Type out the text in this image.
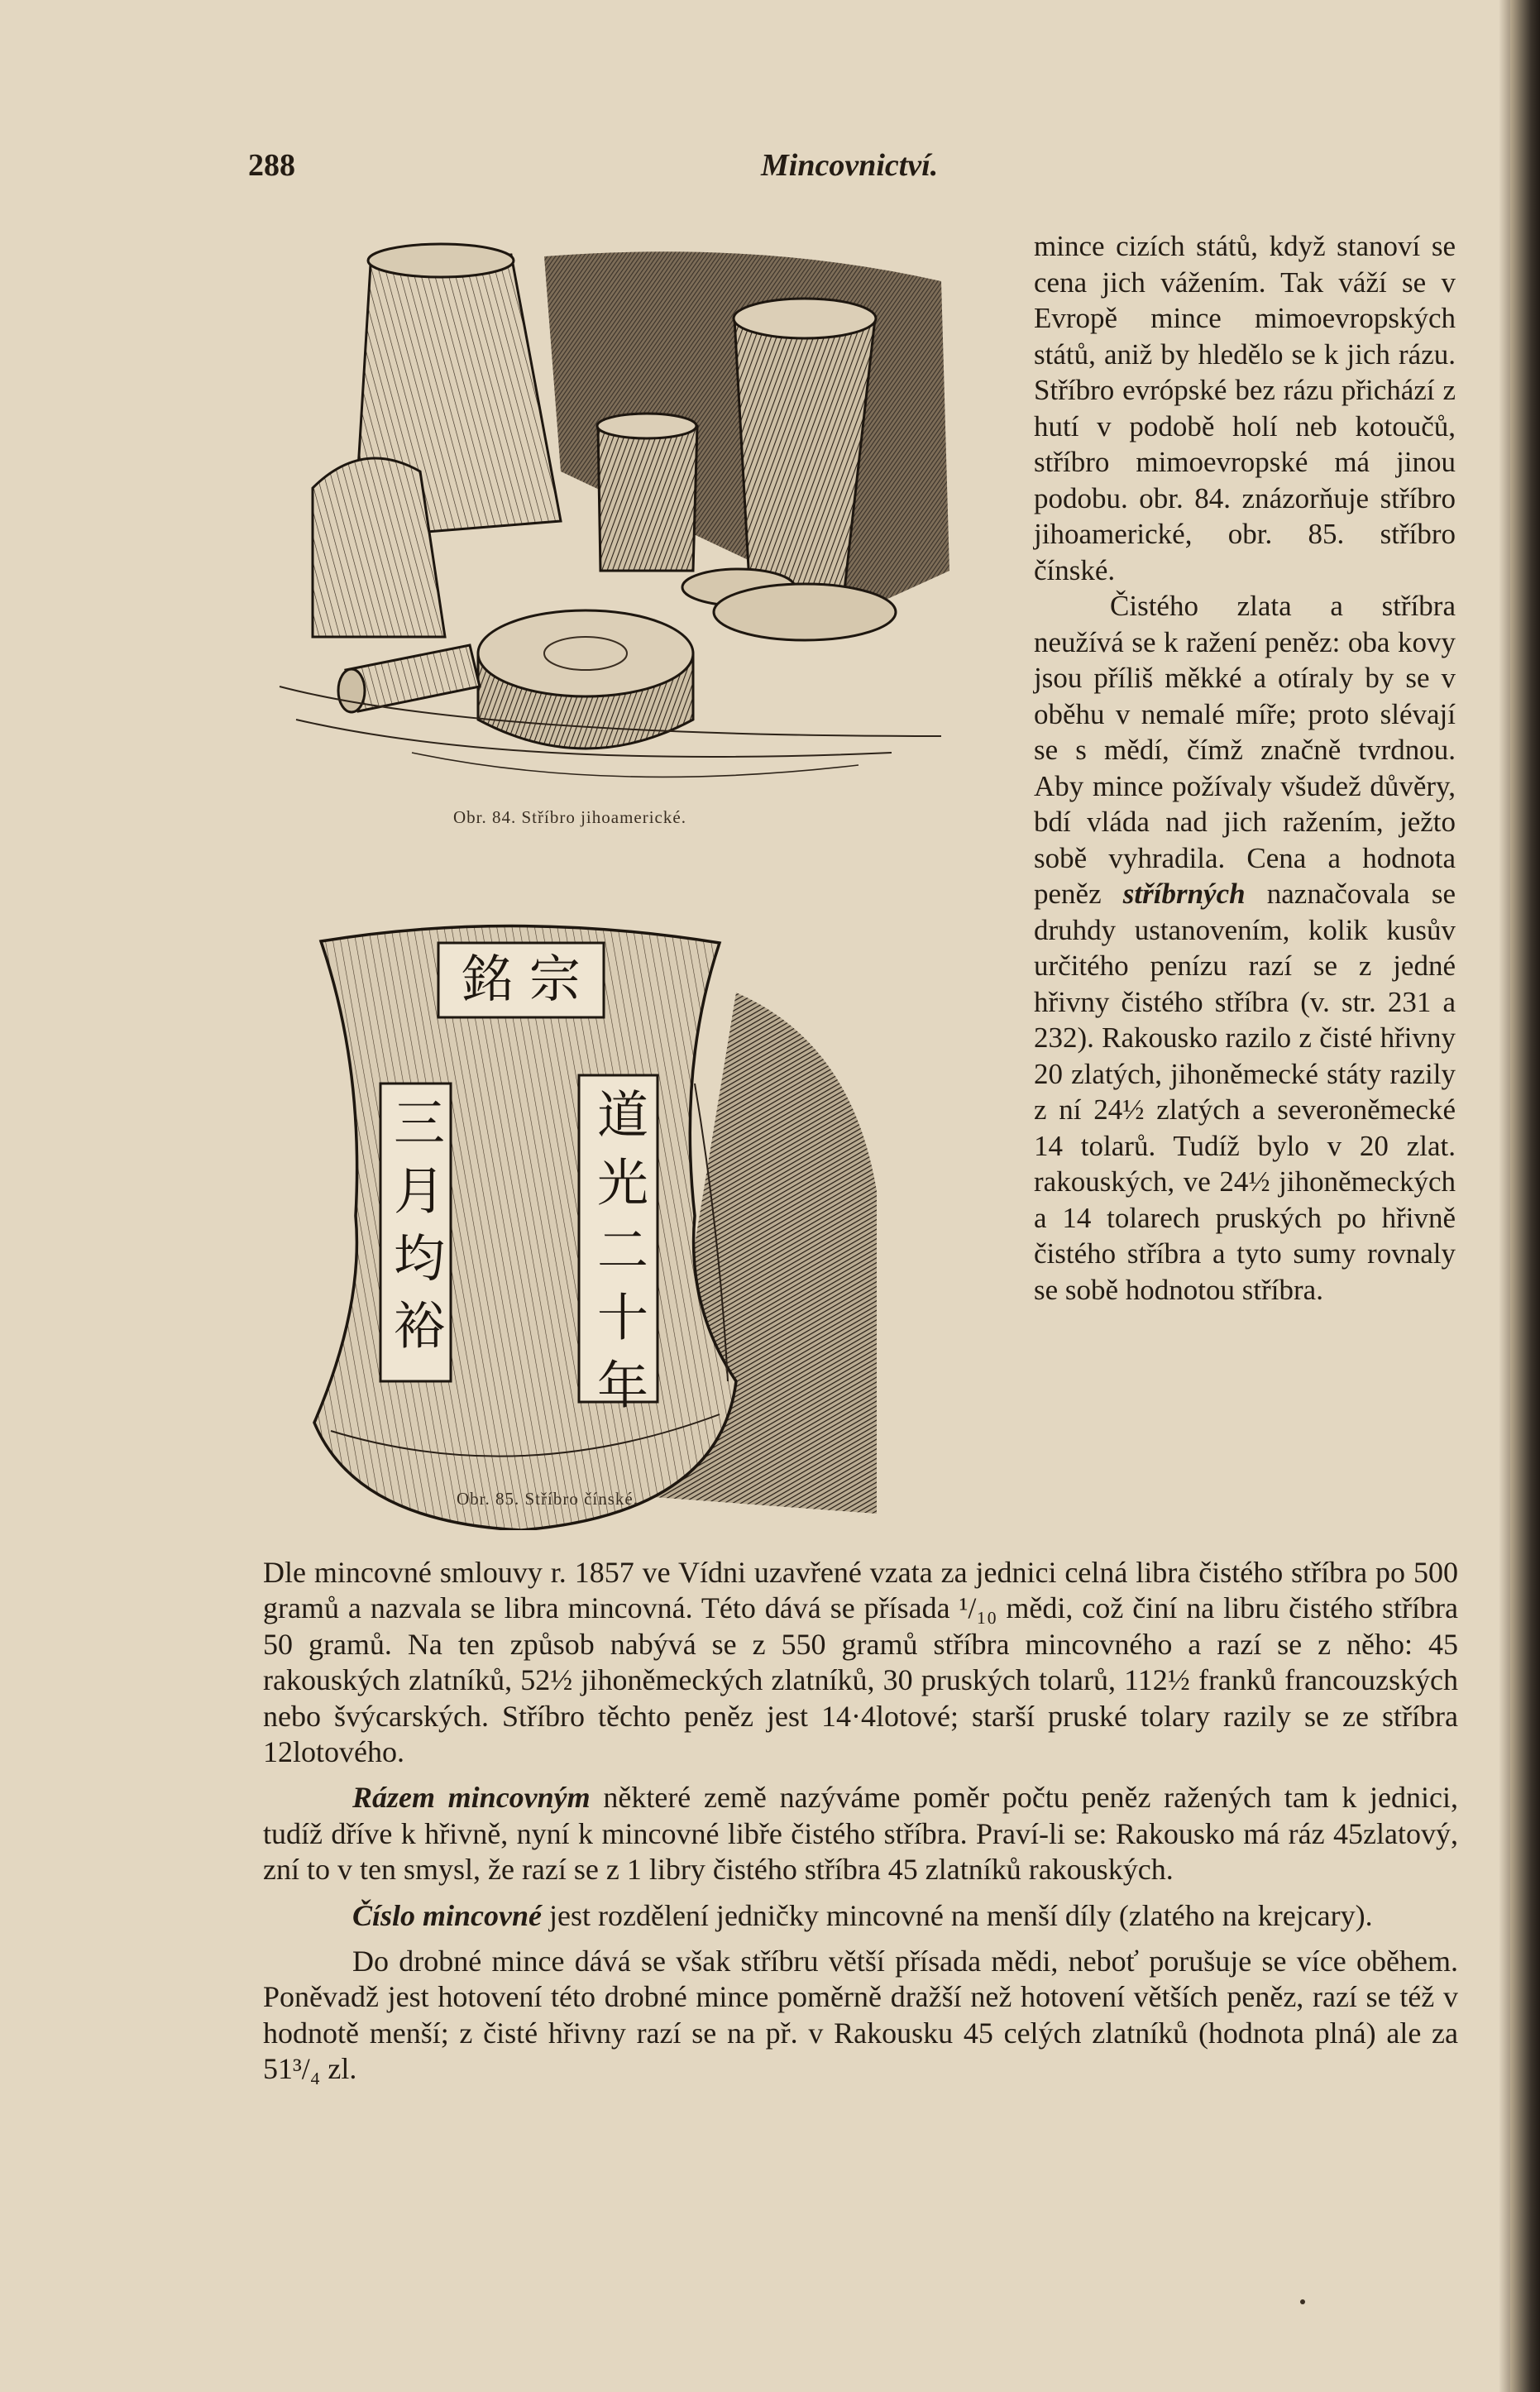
288	Mincovnictví.
Obr. 84. Stříbro jihoamerické.
銘 宗
三 月 均 裕	道 光 二 十 年
Obr. 85. Stříbro čínské.

mince cizích států, když stanoví se cena jich vážením. Tak váží se v Evropě mince mimoevropských států, aniž by hledělo se k jich rázu. Stříbro evrópské bez rázu přichází z hutí v podobě holí neb kotoučů, stříbro mimoevropské má jinou podobu. obr. 84. znázorňuje stříbro jihoamerické, obr. 85. stříbro čínské.

Čistého zlata a stříbra neužívá se k ražení peněz: oba kovy jsou příliš měkké a otíraly by se v oběhu v nemalé míře; proto slévají se s mědí, čímž značně tvrdnou. Aby mince požívaly všudež důvěry, bdí vláda nad jich ražením, ježto sobě vyhradila. Cena a hodnota peněz stříbrných naznačovala se druhdy ustanovením, kolik kusův určitého penízu razí se z jedné hřivny čistého stříbra (v. str. 231 a 232). Rakousko razilo z čisté hřivny 20 zlatých, jihoněmecké státy razily z ní 24½ zlatých a severoněmecké 14 tolarů. Tudíž bylo v 20 zlat. rakouských, ve 24½ jihoněmeckých a 14 tolarech pruských po hřivně čistého stříbra a tyto sumy rovnaly se sobě hodnotou stříbra.

Dle mincovné smlouvy r. 1857 ve Vídni uzavřené vzata za jednici celná libra čistého stříbra po 500 gramů a nazvala se libra mincovná. Této dává se přísada ¹/₁₀ mědi, což činí na libru čistého stříbra 50 gramů. Na ten způsob nabývá se z 550 gramů stříbra mincovného a razí se z něho: 45 rakouských zlatníků, 52½ jihoněmeckých zlatníků, 30 pruských tolarů, 112½ franků francouzských nebo švýcarských. Stříbro těchto peněz jest 14·4lotové; starší pruské tolary razily se ze stříbra 12lotového.

Rázem mincovným některé země nazýváme poměr počtu peněz ražených tam k jednici, tudíž dříve k hřivně, nyní k mincovné libře čistého stříbra. Praví-li se: Rakousko má ráz 45zlatový, zní to v ten smysl, že razí se z 1 libry čistého stříbra 45 zlatníků rakouských.

Číslo mincovné jest rozdělení jedničky mincovné na menší díly (zlatého na krejcary).

Do drobné mince dává se však stříbru větší přísada mědi, neboť porušuje se více oběhem. Poněvadž jest hotovení této drobné mince poměrně dražší než hotovení větších peněz, razí se též v hodnotě menší; z čisté hřivny razí se na př. v Rakousku 45 celých zlatníků (hodnota plná) ale za 51³/₄ zl.
